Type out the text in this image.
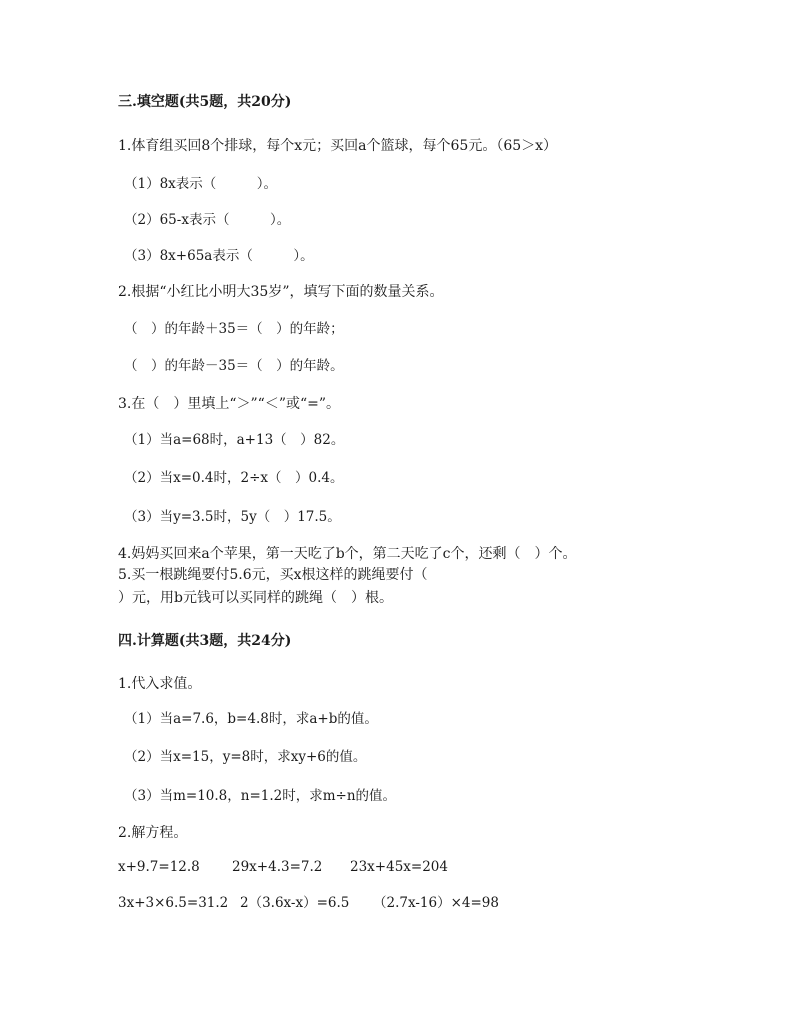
三.填空题(共5题，共20分)
1.体育组买回8个排球，每个x元；买回a个篮球，每个65元。（65＞x）
（1）8x表示（　　　）。
（2）65-x表示（　　　）。
（3）8x+65a表示（　　　）。
2.根据“小红比小明大35岁”，填写下面的数量关系。
（　）的年龄＋35＝（　）的年龄；
（　）的年龄－35＝（　）的年龄。
3.在（　）里填上“＞”“＜”或“=”。
（1）当a=68时，a+13（　）82。
（2）当x=0.4时，2÷x（　）0.4。
（3）当y=3.5时，5y（　）17.5。
4.妈妈买回来a个苹果，第一天吃了b个，第二天吃了c个，还剩（　）个。
5.买一根跳绳要付5.6元，买x根这样的跳绳要付（
）元，用b元钱可以买同样的跳绳（　）根。
四.计算题(共3题，共24分)
1.代入求值。
（1）当a=7.6，b=4.8时，求a+b的值。
（2）当x=15，y=8时，求xy+6的值。
（3）当m=10.8，n=1.2时，求m÷n的值。
2.解方程。
x+9.7=12.8 29x+4.3=7.2 23x+45x=204
3x+3×6.5=31.2 2（3.6x-x）=6.5 （2.7x-16）×4=98
